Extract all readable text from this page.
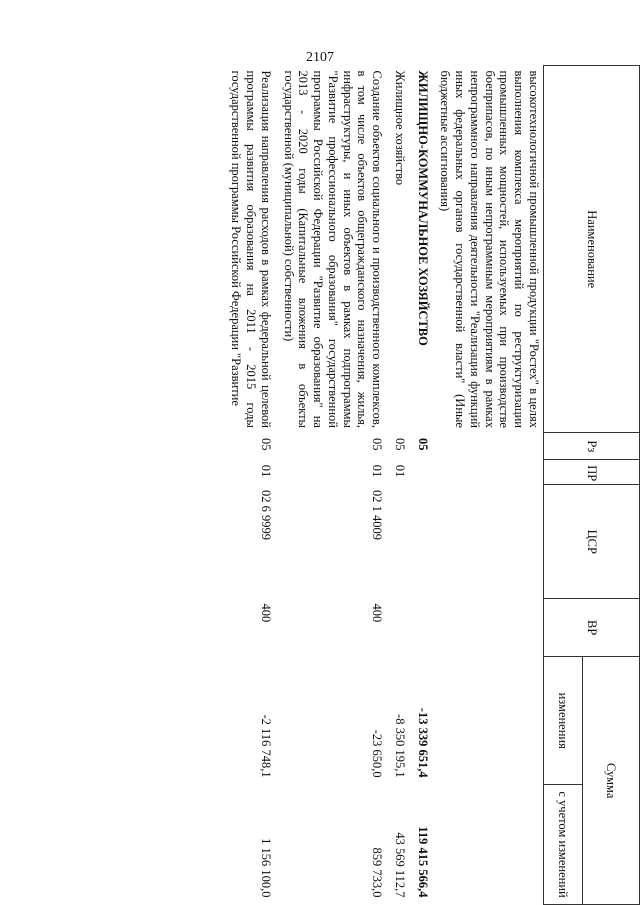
2107
Наименование	Рз	ПР	ЦСР	ВР	Сумма	
					изменения	с учетом изменений
высокотехнологичной промышленной продукции "Ростех" в целях выполнения комплекса мероприятий по реструктуризации промышленных мощностей, используемых при производстве боеприпасов, по иным непрограммным мероприятиям в рамках непрограммного направления деятельности "Реализация функций иных федеральных органов государственной власти" (Иные бюджетные ассигнования)						
ЖИЛИЩНО-КОММУНАЛЬНОЕ ХОЗЯЙСТВО	05				-13 339 651,4	119 415 566,4
Жилищное хозяйство	05	01			-8 350 195,1	43 569 112,7
Создание объектов социального и производственного комплексов, в том числе объектов общегражданского назначения, жилья, инфраструктуры, и иных объектов в рамках подпрограммы "Развитие профессионального образования" государственной программы Российской Федерации "Развитие образования" на 2013 - 2020 годы (Капитальные вложения в объекты государственной (муниципальной) собственности)	05	01	02 1 4009	400	-23 650,0	859 733,0
Реализация направления расходов в рамках федеральной целевой программы развития образования на 2011 - 2015 годы государственной программы Российской Федерации "Развитие	05	01	02 6 9999	400	-2 116 748,1	1 156 100,0
